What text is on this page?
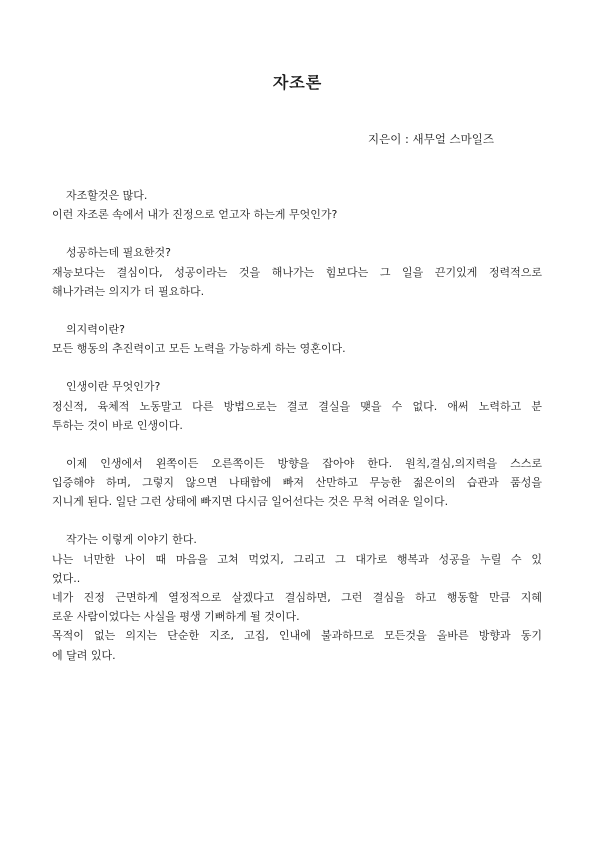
자조론
지은이 : 새무얼 스마일즈
자조할것은 많다.
이런 자조론 속에서 내가 진정으로 얻고자 하는게 무엇인가?
성공하는데 필요한것?
재능보다는 결심이다, 성공이라는 것을 해나가는 힘보다는 그 일을 끈기있게 정력적으로
해나가려는 의지가 더 필요하다.
의지력이란?
모든 행동의 추진력이고 모든 노력을 가능하게 하는 영혼이다.
인생이란 무엇인가?
정신적, 육체적 노동말고 다른 방법으로는 결코 결실을 맺을 수 없다. 애써 노력하고 분
투하는 것이 바로 인생이다.
이제 인생에서 왼쪽이든 오른쪽이든 방향을 잡아야 한다. 원칙,결심,의지력을 스스로
입증해야 하며, 그렇지 않으면 나태함에 빠져 산만하고 무능한 젊은이의 습관과 품성을
지니게 된다. 일단 그런 상태에 빠지면 다시금 일어선다는 것은 무척 어려운 일이다.
작가는 이렇게 이야기 한다.
나는 너만한 나이 때 마음을 고쳐 먹었지, 그리고 그 대가로 행복과 성공을 누릴 수 있
었다..
네가 진정 근면하게 열정적으로 살겠다고 결심하면, 그런 결심을 하고 행동할 만큼 지혜
로운 사람이었다는 사실을 평생 기뻐하게 될 것이다.
목적이 없는 의지는 단순한 지조, 고집, 인내에 불과하므로 모든것을 올바른 방향과 동기
에 달려 있다.
